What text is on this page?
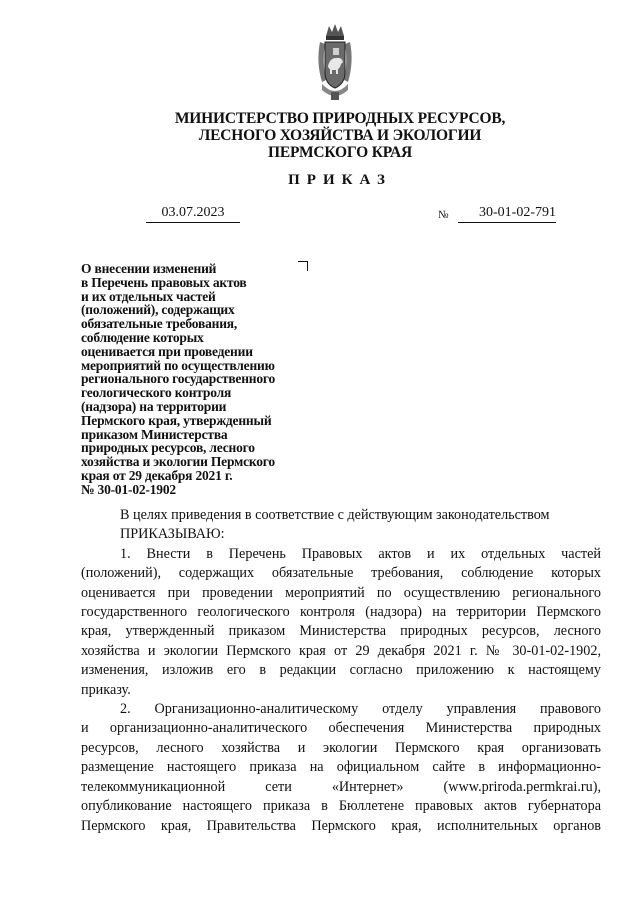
МИНИСТЕРСТВО ПРИРОДНЫХ РЕСУРСОВ,
ЛЕСНОГО ХОЗЯЙСТВА И ЭКОЛОГИИ
ПЕРМСКОГО КРАЯ
ПРИКАЗ
03.07.2023	№	30-01-02-791
О внесении изменений
в Перечень правовых актов
и их отдельных частей
(положений), содержащих
обязательные требования,
соблюдение которых
оценивается при проведении
мероприятий по осуществлению
регионального государственного
геологического контроля
(надзора) на территории
Пермского края, утвержденный
приказом Министерства
природных ресурсов, лесного
хозяйства и экологии Пермского
края от 29 декабря 2021 г.
№ 30-01-02-1902
В целях приведения в соответствие с действующим законодательством
ПРИКАЗЫВАЮ:
1. Внести в Перечень Правовых актов и их отдельных частей
(положений), содержащих обязательные требования, соблюдение которых
оценивается при проведении мероприятий по осуществлению регионального
государственного геологического контроля (надзора) на территории Пермского
края, утвержденный приказом Министерства природных ресурсов, лесного
хозяйства и экологии Пермского края от 29 декабря 2021 г. № 30-01-02-1902,
изменения, изложив его в редакции согласно приложению к настоящему
приказу.
2. Организационно-аналитическому отделу управления правового
и организационно-аналитического обеспечения Министерства природных
ресурсов, лесного хозяйства и экологии Пермского края организовать
размещение настоящего приказа на официальном сайте в информационно-
телекоммуникационной сети «Интернет» (www.prirodа.permkrai.ru),
опубликование настоящего приказа в Бюллетене правовых актов губернатора
Пермского края, Правительства Пермского края, исполнительных органов
